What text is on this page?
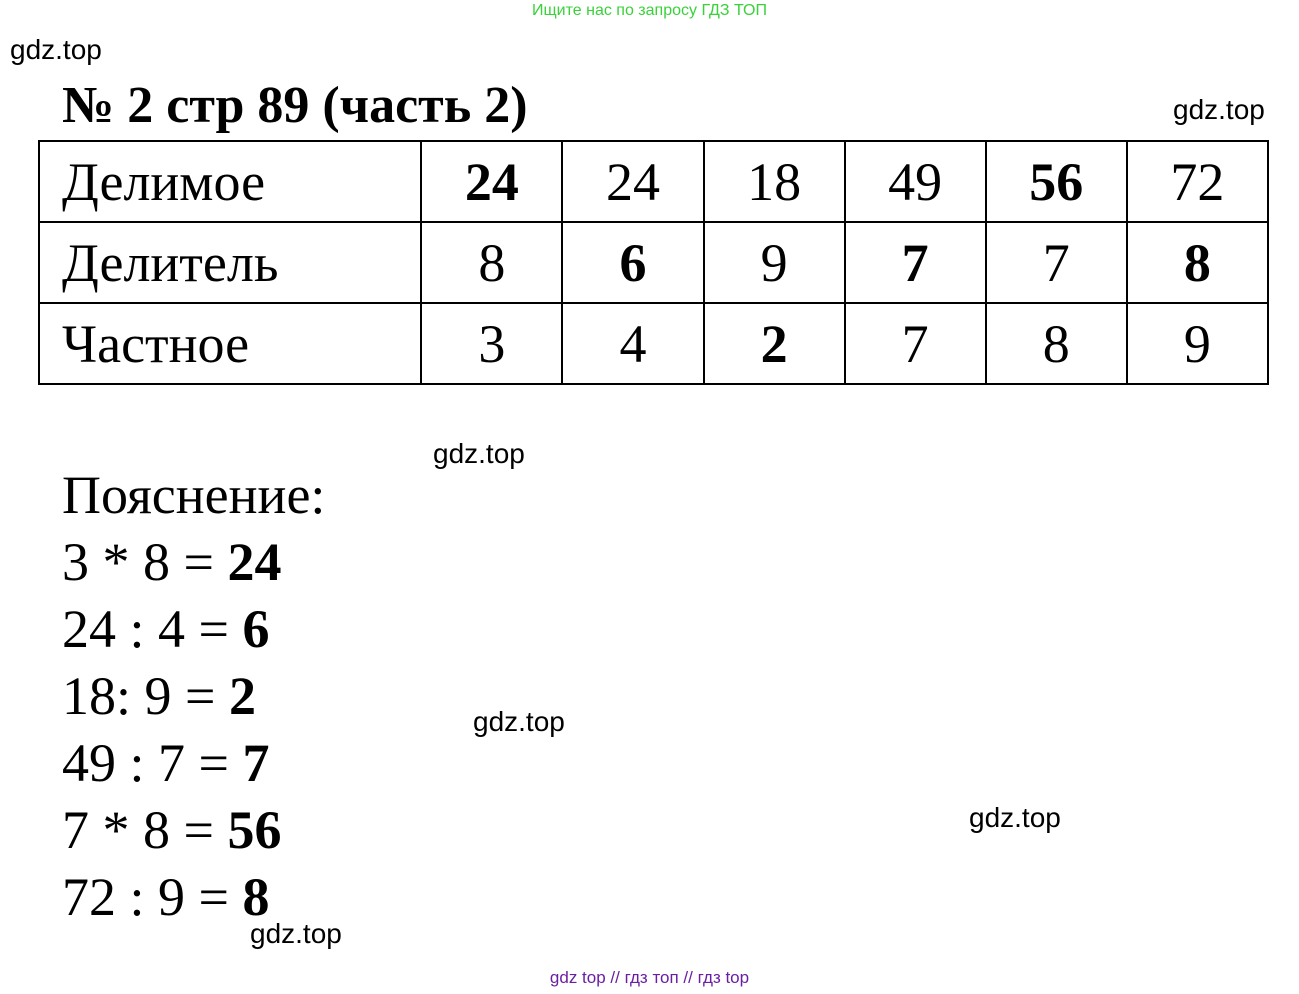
Ищите нас по запросу ГДЗ ТОП
gdz.top
gdz.top
gdz.top
gdz.top
gdz.top
gdz.top
№ 2 стр 89 (часть 2)
Делимое	24	24	18	49	56	72
Делитель	8	6	9	7	7	8
Частное	3	4	2	7	8	9
Пояснение:
3 * 8 = 24
24 : 4 = 6
18: 9 = 2
49 : 7 = 7
7 * 8 = 56
72 : 9 = 8
gdz top // гдз топ // гдз top
